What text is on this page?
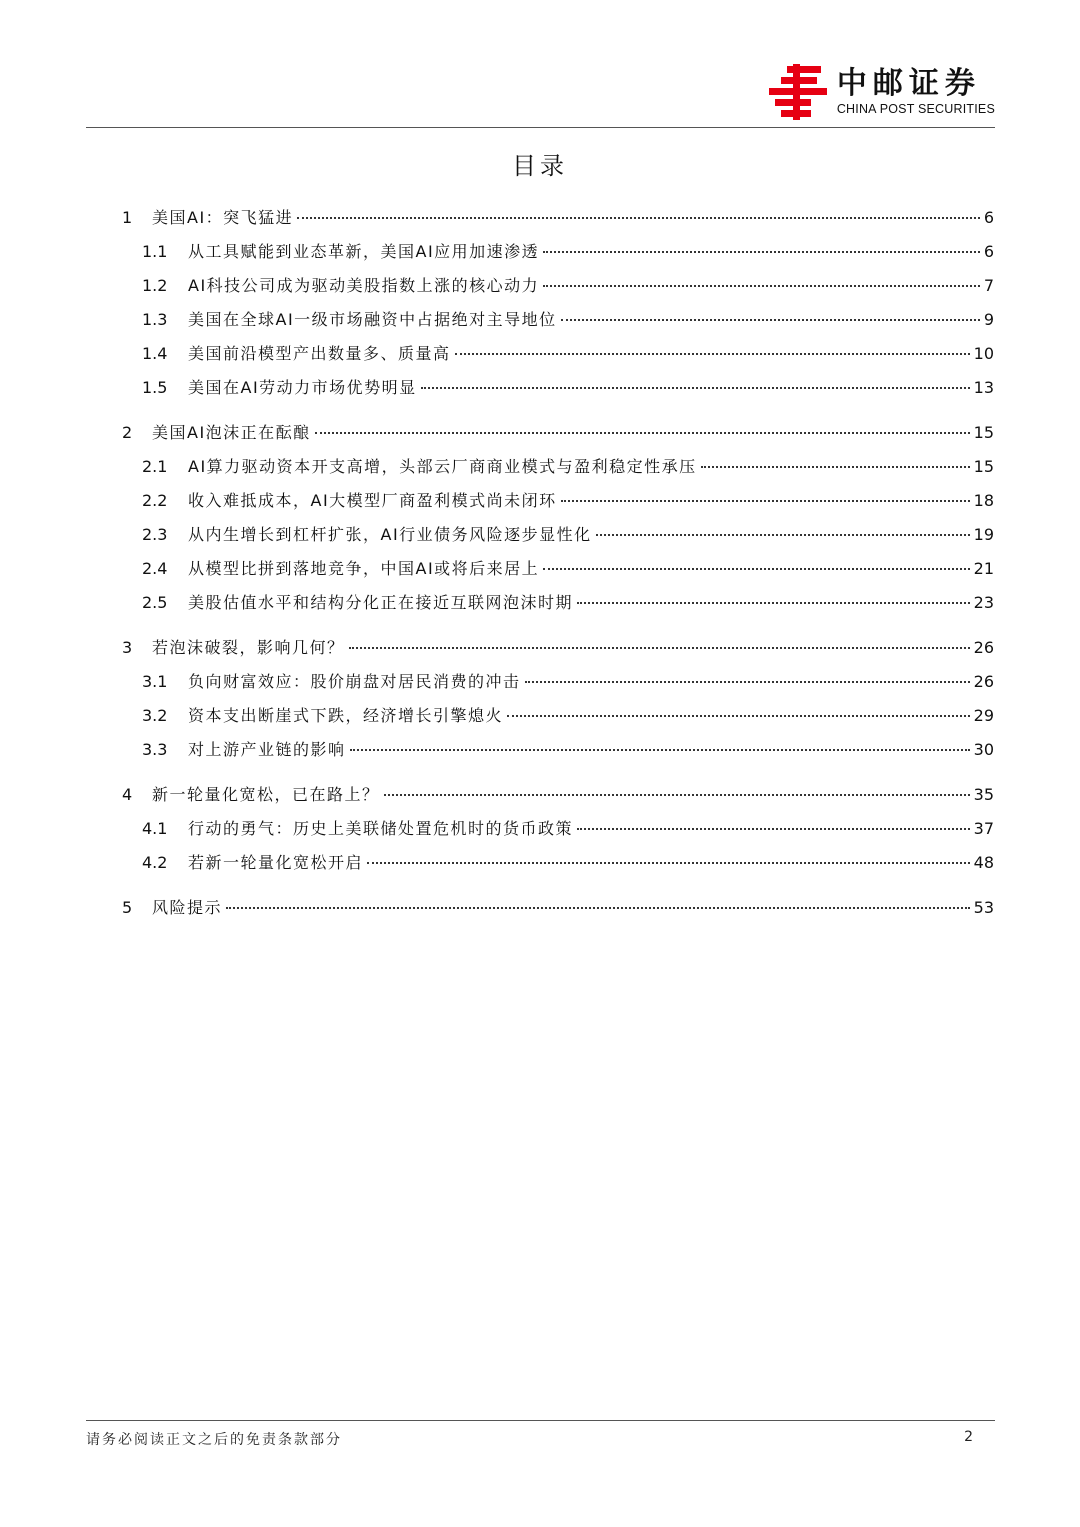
中邮证券
CHINA POST SECURITIES
目录
1	美国AI：突飞猛进	6
1.1	从工具赋能到业态革新，美国AI应用加速渗透	6
1.2	AI科技公司成为驱动美股指数上涨的核心动力	7
1.3	美国在全球AI一级市场融资中占据绝对主导地位	9
1.4	美国前沿模型产出数量多、质量高	10
1.5	美国在AI劳动力市场优势明显	13
2	美国AI泡沫正在酝酿	15
2.1	AI算力驱动资本开支高增，头部云厂商商业模式与盈利稳定性承压	15
2.2	收入难抵成本，AI大模型厂商盈利模式尚未闭环	18
2.3	从内生增长到杠杆扩张，AI行业债务风险逐步显性化	19
2.4	从模型比拼到落地竞争，中国AI或将后来居上	21
2.5	美股估值水平和结构分化正在接近互联网泡沫时期	23
3	若泡沫破裂，影响几何？	26
3.1	负向财富效应：股价崩盘对居民消费的冲击	26
3.2	资本支出断崖式下跌，经济增长引擎熄火	29
3.3	对上游产业链的影响	30
4	新一轮量化宽松，已在路上？	35
4.1	行动的勇气：历史上美联储处置危机时的货币政策	37
4.2	若新一轮量化宽松开启	48
5	风险提示	53
请务必阅读正文之后的免责条款部分	2
